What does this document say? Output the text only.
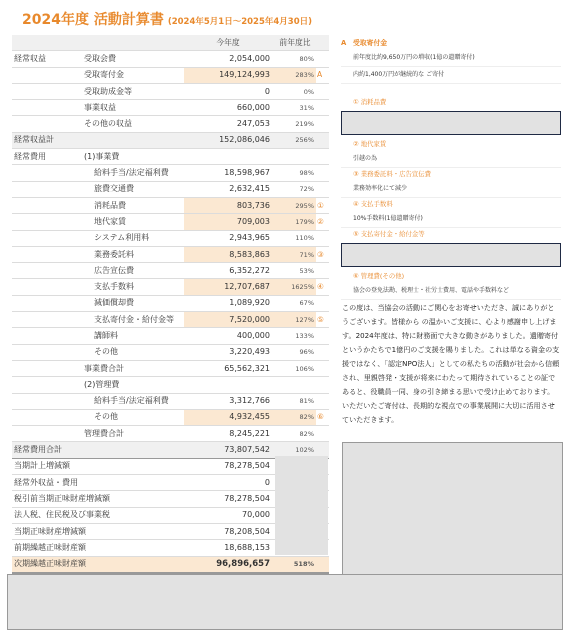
2024年度 活動計算書 (2024年5月1日～2025年4月30日)
			今年度	前年度比	
経常収益		受取会費	2,054,000	80%	
		受取寄付金	149,124,993	283%	A
		受取助成金等	0	0%	
		事業収益	660,000	31%	
		その他の収益	247,053	219%	
経常収益計			152,086,046	256%	
経常費用		(1)事業費			
		給料手当/法定福利費	18,598,967	98%	
		旅費交通費	2,632,415	72%	
		消耗品費	803,736	295%	①
		地代家賃	709,003	179%	②
		システム利用料	2,943,965	110%	
		業務委託料	8,583,863	71%	③
		広告宣伝費	6,352,272	53%	
		支払手数料	12,707,687	1625%	④
		減価償却費	1,089,920	67%	
		支払寄付金・給付金等	7,520,000	127%	⑤
		講師料	400,000	133%	
		その他	3,220,493	96%	
		事業費合計	65,562,321	106%	
		(2)管理費			
		給料手当/法定福利費	3,312,766	81%	
		その他	4,932,455	82%	⑥
		管理費合計	8,245,221	82%	
経常費用合計			73,807,542	102%	
当期計上増減額			78,278,504		
経常外収益・費用			0		
税引前当期正味財産増減額			78,278,504		
法人税、住民税及び事業税			70,000		
当期正味財産増減額			78,208,504		
前期繰越正味財産額			18,688,153		
次期繰越正味財産額			96,896,657	518%	
A　受取寄付金
前年度比約9,650万円の増収(1億の遺贈寄付)
内約1,400万円が継続的な ご寄付
① 消耗品費
② 地代家賃
引越の為
③ 業務委託料・広告宣伝費
業務効率化にて減少
④ 支払手数料
10%手数料(1億遺贈寄付)
⑤ 支払寄付金・給付金等
⑥ 管理費(その他)
協会の登免法勘、税理士・社労士費用、電話や手数料など
この度は、当協会の活動にご関心をお寄せいただき、誠にありがとうございます。皆様から の温かいご支援に、心より感謝申し上げます。2024年度は、特に財務面で大きな動きがありました。遺贈寄付というかたちで1億円のご支援を賜りました。これは単なる資金の支援ではなく、「認定NPO法人」としての私たちの活動が社会から信頼され、里親啓発・支援が将来にわたって期待されていることの証であると、役職員一同、身の引き締まる思いで受け止めております。いただいたご寄付は、長期的な視点での事業展開に大切に活用させていただきます。
